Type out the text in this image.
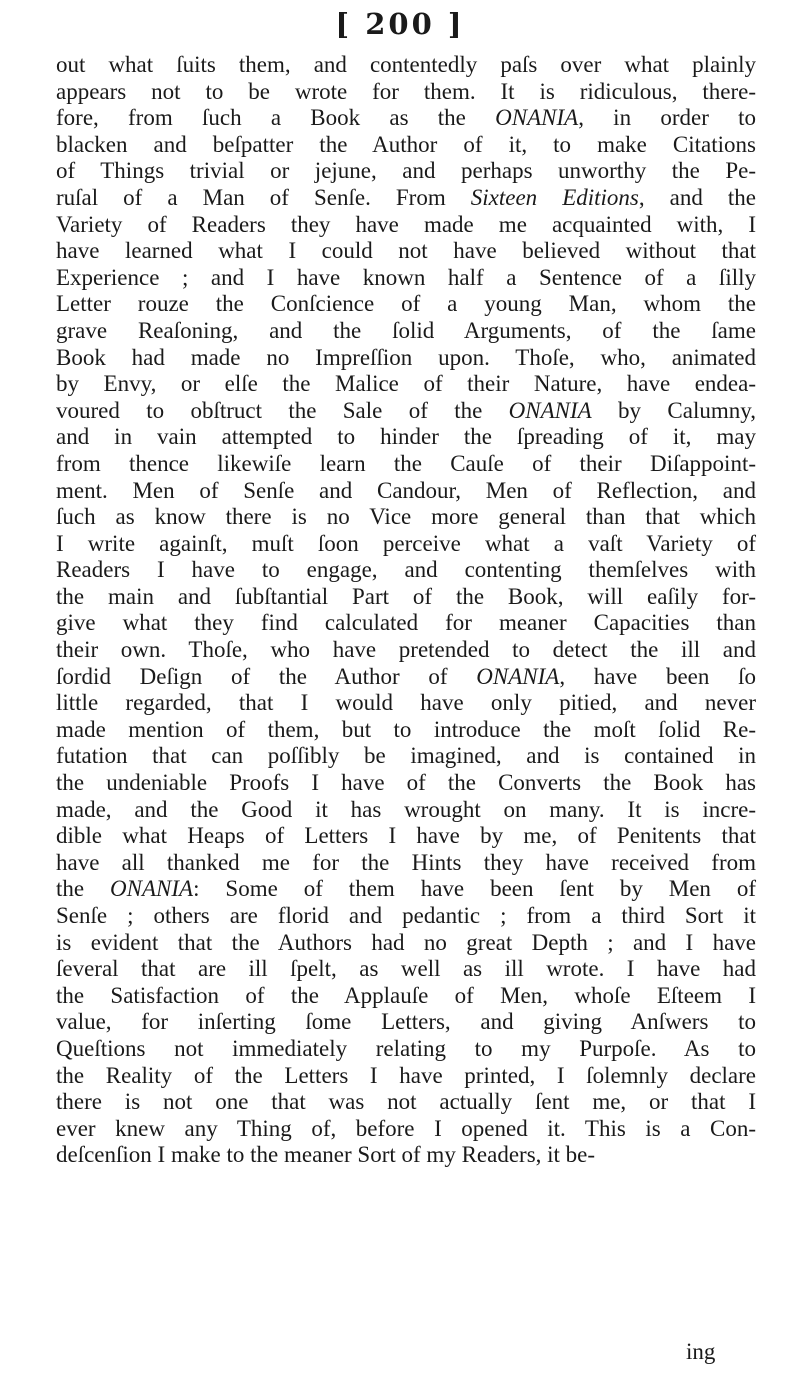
[ 200 ]
out what ſuits them, and contentedly paſs over what plainly
appears not to be wrote for them. It is ridiculous, there-
fore, from ſuch a Book as the ONANIA, in order to
blacken and beſpatter the Author of it, to make Citations
of Things trivial or jejune, and perhaps unworthy the Pe-
ruſal of a Man of Senſe. From Sixteen Editions, and the
Variety of Readers they have made me acquainted with, I
have learned what I could not have believed without that
Experience ; and I have known half a Sentence of a ſilly
Letter rouze the Conſcience of a young Man, whom the
grave Reaſoning, and the ſolid Arguments, of the ſame
Book had made no Impreſſion upon. Thoſe, who, animated
by Envy, or elſe the Malice of their Nature, have endea-
voured to obſtruct the Sale of the ONANIA by Calumny,
and in vain attempted to hinder the ſpreading of it, may
from thence likewiſe learn the Cauſe of their Diſappoint-
ment. Men of Senſe and Candour, Men of Reflection, and
ſuch as know there is no Vice more general than that which
I write againſt, muſt ſoon perceive what a vaſt Variety of
Readers I have to engage, and contenting themſelves with
the main and ſubſtantial Part of the Book, will eaſily for-
give what they find calculated for meaner Capacities than
their own. Thoſe, who have pretended to detect the ill and
ſordid Deſign of the Author of ONANIA, have been ſo
little regarded, that I would have only pitied, and never
made mention of them, but to introduce the moſt ſolid Re-
futation that can poſſibly be imagined, and is contained in
the undeniable Proofs I have of the Converts the Book has
made, and the Good it has wrought on many. It is incre-
dible what Heaps of Letters I have by me, of Penitents that
have all thanked me for the Hints they have received from
the ONANIA: Some of them have been ſent by Men of
Senſe ; others are florid and pedantic ; from a third Sort it
is evident that the Authors had no great Depth ; and I have
ſeveral that are ill ſpelt, as well as ill wrote. I have had
the Satisfaction of the Applauſe of Men, whoſe Eſteem I
value, for inſerting ſome Letters, and giving Anſwers to
Queſtions not immediately relating to my Purpoſe. As to
the Reality of the Letters I have printed, I ſolemnly declare
there is not one that was not actually ſent me, or that I
ever knew any Thing of, before I opened it. This is a Con-
deſcenſion I make to the meaner Sort of my Readers, it be-
ing
